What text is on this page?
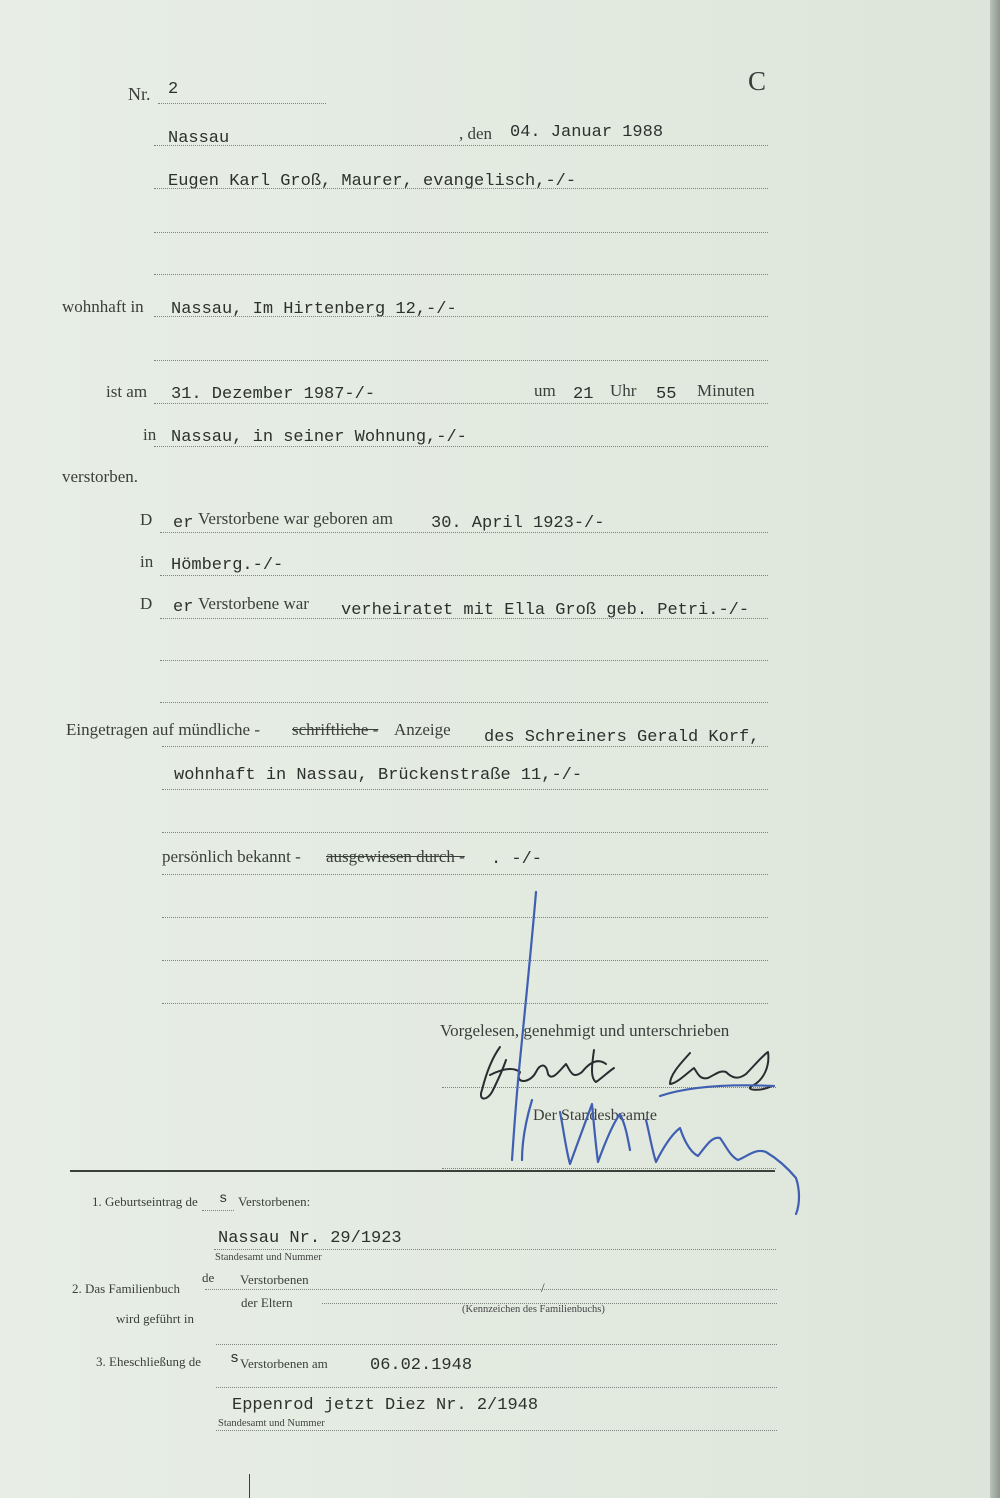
Nr. 2	C
Nassau	, den 04. Januar 1988
Eugen Karl Groß, Maurer, evangelisch,-/-
wohnhaft in Nassau, Im Hirtenberg 12,-/-
ist am 31. Dezember 1987-/-	um 21 Uhr 55 Minuten
in Nassau, in seiner Wohnung,-/-
verstorben.
D er Verstorbene war geboren am 30. April 1923-/-
in Hömberg.-/-
D er Verstorbene war verheiratet mit Ella Groß geb. Petri.-/-
Eingetragen auf mündliche - schriftliche - Anzeige des Schreiners Gerald Korf,
wohnhaft in Nassau, Brückenstraße 11,-/-
persönlich bekannt - ausgewiesen durch - . -/-
Vorgelesen, genehmigt und unterschrieben
Der Standesbeamte
1. Geburtseintrag de s Verstorbenen:
Nassau Nr. 29/1923
Standesamt und Nummer
2. Das Familienbuch
de Verstorbenen
der Eltern
/
(Kennzeichen des Familienbuchs)
wird geführt in
3. Eheschließung de s Verstorbenen am 06.02.1948
Eppenrod jetzt Diez Nr. 2/1948
Standesamt und Nummer
